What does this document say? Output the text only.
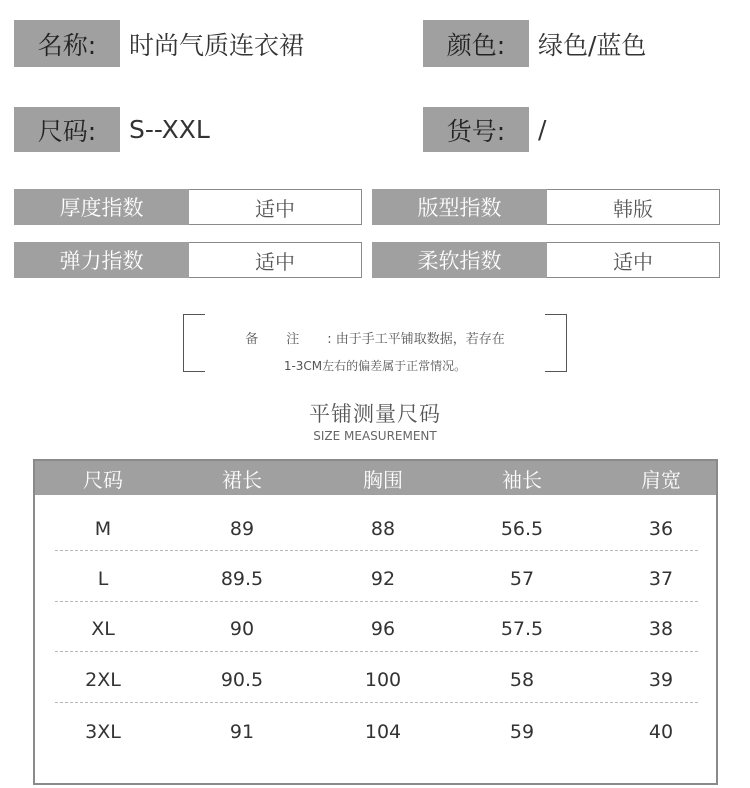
名称:	时尚气质连衣裙	颜色:	绿色/蓝色
尺码:	S--XXL	货号:	/
厚度指数	适中	版型指数	韩版
弹力指数	适中	柔软指数	适中
备注: 由于手工平铺取数据，若存在
1-3CM左右的偏差属于正常情况。
平铺测量尺码
SIZE MEASUREMENT
尺码	裙长	胸围	袖长	肩宽
M	89	88	56.5	36
L	89.5	92	57	37
XL	90	96	57.5	38
2XL	90.5	100	58	39
3XL	91	104	59	40
